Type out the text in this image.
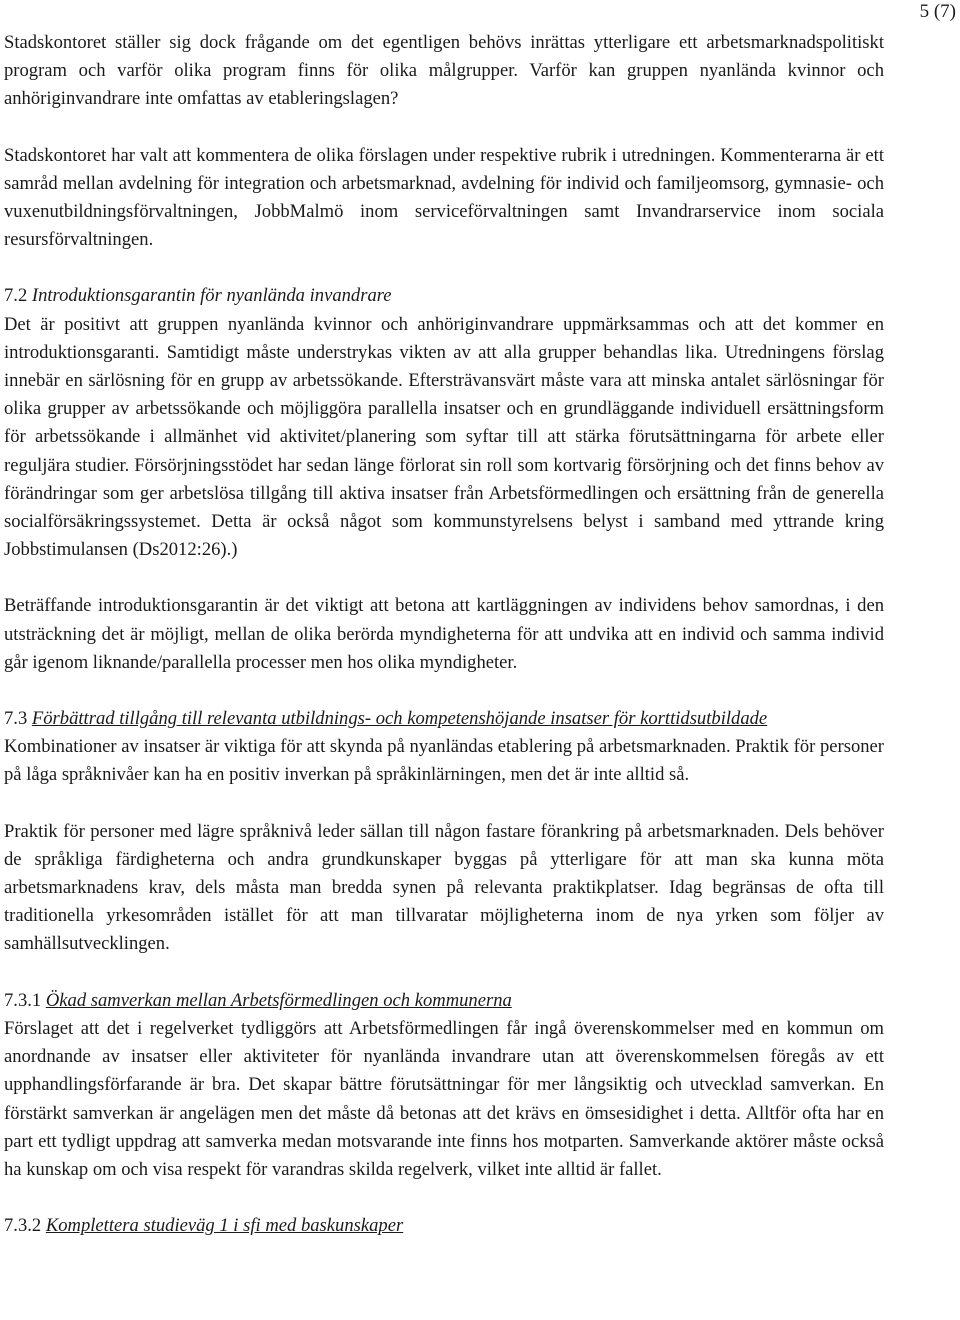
5 (7)

Stadskontoret ställer sig dock frågande om det egentligen behövs inrättas ytterligare ett arbetsmarknadspolitiskt program och varför olika program finns för olika målgrupper. Varför kan gruppen nyanlända kvinnor och anhöriginvandrare inte omfattas av etableringslagen?

Stadskontoret har valt att kommentera de olika förslagen under respektive rubrik i utredningen. Kommenterarna är ett samråd mellan avdelning för integration och arbetsmarknad, avdelning för individ och familjeomsorg, gymnasie- och vuxenutbildningsförvaltningen, JobbMalmö inom serviceförvaltningen samt Invandrarservice inom sociala resursförvaltningen.

7.2 Introduktionsgarantin för nyanlända invandrare

Det är positivt att gruppen nyanlända kvinnor och anhöriginvandrare uppmärksammas och att det kommer en introduktionsgaranti. Samtidigt måste understrykas vikten av att alla grupper behandlas lika. Utredningens förslag innebär en särlösning för en grupp av arbetssökande. Eftersträvansvärt måste vara att minska antalet särlösningar för olika grupper av arbetssökande och möjliggöra parallella insatser och en grundläggande individuell ersättningsform för arbetssökande i allmänhet vid aktivitet/planering som syftar till att stärka förutsättningarna för arbete eller reguljära studier. Försörjningsstödet har sedan länge förlorat sin roll som kortvarig försörjning och det finns behov av förändringar som ger arbetslösa tillgång till aktiva insatser från Arbetsförmedlingen och ersättning från de generella socialförsäkringssystemet. Detta är också något som kommunstyrelsens belyst i samband med yttrande kring Jobbstimulansen (Ds2012:26).)

Beträffande introduktionsgarantin är det viktigt att betona att kartläggningen av individens behov samordnas, i den utsträckning det är möjligt, mellan de olika berörda myndigheterna för att undvika att en individ och samma individ går igenom liknande/parallella processer men hos olika myndigheter.

7.3 Förbättrad tillgång till relevanta utbildnings- och kompetenshöjande insatser för korttidsutbildade

Kombinationer av insatser är viktiga för att skynda på nyanländas etablering på arbetsmarknaden. Praktik för personer på låga språknivåer kan ha en positiv inverkan på språkinlärningen, men det är inte alltid så.

Praktik för personer med lägre språknivå leder sällan till någon fastare förankring på arbetsmarknaden. Dels behöver de språkliga färdigheterna och andra grundkunskaper byggas på ytterligare för att man ska kunna möta arbetsmarknadens krav, dels måsta man bredda synen på relevanta praktikplatser. Idag begränsas de ofta till traditionella yrkesområden istället för att man tillvaratar möjligheterna inom de nya yrken som följer av samhällsutvecklingen.

7.3.1 Ökad samverkan mellan Arbetsförmedlingen och kommunerna

Förslaget att det i regelverket tydliggörs att Arbetsförmedlingen får ingå överenskommelser med en kommun om anordnande av insatser eller aktiviteter för nyanlända invandrare utan att överenskommelsen föregås av ett upphandlingsförfarande är bra. Det skapar bättre förutsättningar för mer långsiktig och utvecklad samverkan. En förstärkt samverkan är angelägen men det måste då betonas att det krävs en ömsesidighet i detta. Alltför ofta har en part ett tydligt uppdrag att samverka medan motsvarande inte finns hos motparten. Samverkande aktörer måste också ha kunskap om och visa respekt för varandras skilda regelverk, vilket inte alltid är fallet.

7.3.2 Komplettera studieväg 1 i sfi med baskunskaper
